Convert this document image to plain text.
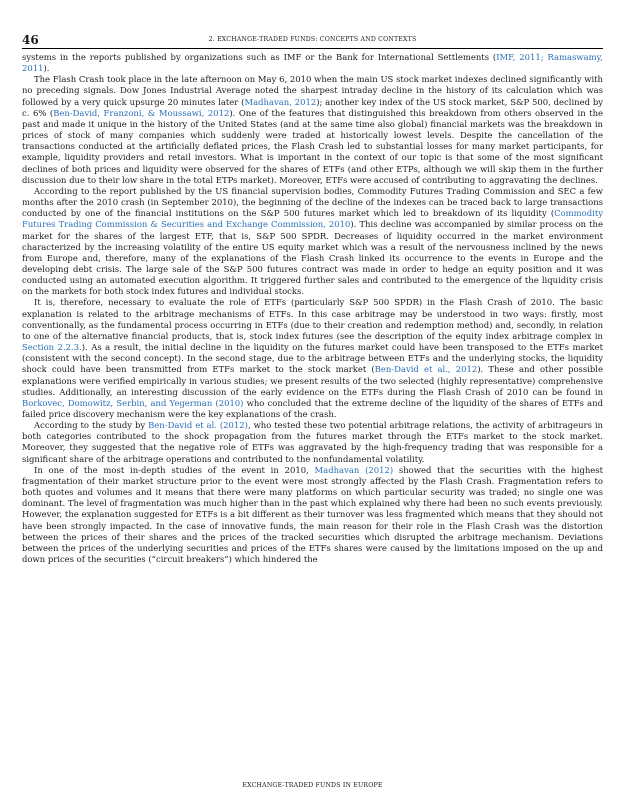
46	2. EXCHANGE-TRADED FUNDS: CONCEPTS AND CONTEXTS

systems in the reports published by organizations such as IMF or the Bank for International Settlements (IMF, 2011; Ramaswamy, 2011).

The Flash Crash took place in the late afternoon on May 6, 2010 when the main US stock market indexes declined significantly with no preceding signals. Dow Jones Industrial Average noted the sharpest intraday decline in the history of its calculation which was followed by a very quick upsurge 20 minutes later (Madhavan, 2012); another key index of the US stock market, S&P 500, declined by c. 6% (Ben-David, Franzoni, & Moussawi, 2012). One of the features that distinguished this breakdown from others observed in the past and made it unique in the history of the United States (and at the same time also global) financial markets was the breakdown in prices of stock of many companies which suddenly were traded at historically lowest levels. Despite the cancellation of the transactions conducted at the artificially deflated prices, the Flash Crash led to substantial losses for many market participants, for example, liquidity providers and retail investors. What is important in the context of our topic is that some of the most significant declines of both prices and liquidity were observed for the shares of ETFs (and other ETPs, although we will skip them in the further discussion due to their low share in the total ETPs market). Moreover, ETFs were accused of contributing to aggravating the declines.

According to the report published by the US financial supervision bodies, Commodity Futures Trading Commission and SEC a few months after the 2010 crash (in September 2010), the beginning of the decline of the indexes can be traced back to large transactions conducted by one of the financial institutions on the S&P 500 futures market which led to breakdown of its liquidity (Commodity Futures Trading Commission & Securities and Exchange Commission, 2010). This decline was accompanied by similar process on the market for the shares of the largest ETF, that is, S&P 500 SPDR. Decreases of liquidity occurred in the market environment characterized by the increasing volatility of the entire US equity market which was a result of the nervousness inclined by the news from Europe and, therefore, many of the explanations of the Flash Crash linked its occurrence to the events in Europe and the developing debt crisis. The large sale of the S&P 500 futures contract was made in order to hedge an equity position and it was conducted using an automated execution algorithm. It triggered further sales and contributed to the emergence of the liquidity crisis on the markets for both stock index futures and individual stocks.

It is, therefore, necessary to evaluate the role of ETFs (particularly S&P 500 SPDR) in the Flash Crash of 2010. The basic explanation is related to the arbitrage mechanisms of ETFs. In this case arbitrage may be understood in two ways: firstly, most conventionally, as the fundamental process occurring in ETFs (due to their creation and redemption method) and, secondly, in relation to one of the alternative financial products, that is, stock index futures (see the description of the equity index arbitrage complex in Section 2.2.3.). As a result, the initial decline in the liquidity on the futures market could have been transposed to the ETFs market (consistent with the second concept). In the second stage, due to the arbitrage between ETFs and the underlying stocks, the liquidity shock could have been transmitted from ETFs market to the stock market (Ben-David et al., 2012). These and other possible explanations were verified empirically in various studies; we present results of the two selected (highly representative) comprehensive studies. Additionally, an interesting discussion of the early evidence on the ETFs during the Flash Crash of 2010 can be found in Borkovec, Domowitz, Serbin, and Yegerman (2010) who concluded that the extreme decline of the liquidity of the shares of ETFs and failed price discovery mechanism were the key explanations of the crash.

According to the study by Ben-David et al. (2012), who tested these two potential arbitrage relations, the activity of arbitrageurs in both categories contributed to the shock propagation from the futures market through the ETFs market to the stock market. Moreover, they suggested that the negative role of ETFs was aggravated by the high-frequency trading that was responsible for a significant share of the arbitrage operations and contributed to the nonfundamental volatility.

In one of the most in-depth studies of the event in 2010, Madhavan (2012) showed that the securities with the highest fragmentation of their market structure prior to the event were most strongly affected by the Flash Crash. Fragmentation refers to both quotes and volumes and it means that there were many platforms on which particular security was traded; no single one was dominant. The level of fragmentation was much higher than in the past which explained why there had been no such events previously. However, the explanation suggested for ETFs is a bit different as their turnover was less fragmented which means that they should not have been strongly impacted. In the case of innovative funds, the main reason for their role in the Flash Crash was the distortion between the prices of their shares and the prices of the tracked securities which disrupted the arbitrage mechanism. Deviations between the prices of the underlying securities and prices of the ETFs shares were caused by the limitations imposed on the up and down prices of the securities (“circuit breakers”) which hindered the

EXCHANGE-TRADED FUNDS IN EUROPE
